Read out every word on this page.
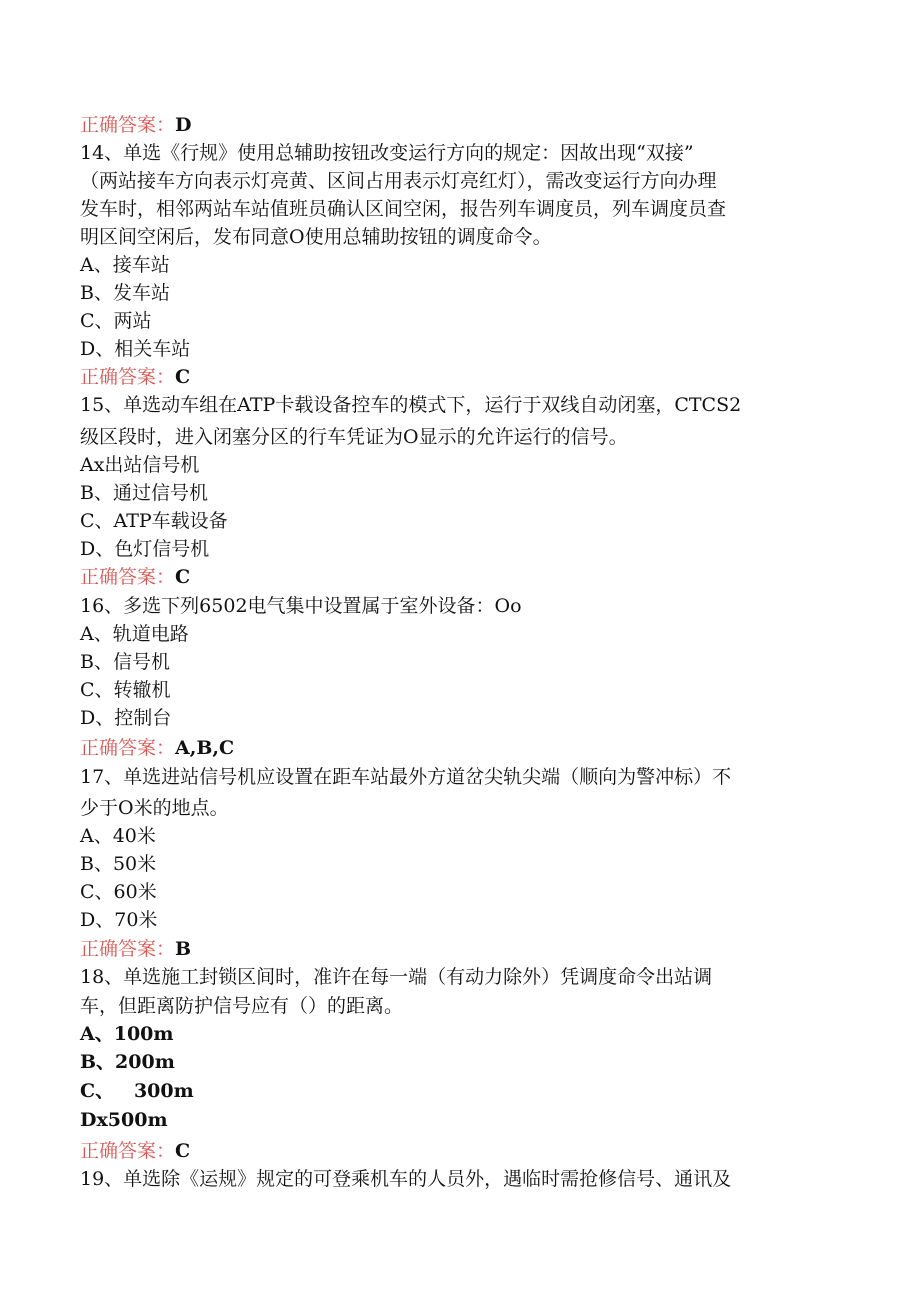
正确答案：D
14、单选《行规》使用总辅助按钮改变运行方向的规定：因故出现“双接”
（两站接车方向表示灯亮黄、区间占用表示灯亮红灯），需改变运行方向办理
发车时，相邻两站车站值班员确认区间空闲，报告列车调度员，列车调度员查
明区间空闲后，发布同意O使用总辅助按钮的调度命令。
A、接车站
B、发车站
C、两站
D、相关车站
正确答案：C
15、单选动车组在ATP卡载设备控车的模式下，运行于双线自动闭塞，CTCS2
级区段时，进入闭塞分区的行车凭证为O显示的允许运行的信号。
Ax出站信号机
B、通过信号机
C、ATP车载设备
D、色灯信号机
正确答案：C
16、多选下列6502电气集中设置属于室外设备：Oo
A、轨道电路
B、信号机
C、转辙机
D、控制台
正确答案：A,B,C
17、单选进站信号机应设置在距车站最外方道岔尖轨尖端（顺向为警冲标）不
少于O米的地点。
A、40米
B、50米
C、60米
D、70米
正确答案：B
18、单选施工封锁区间时，准许在每一端（有动力除外）凭调度命令出站调
车，但距离防护信号应有（）的距离。
A、100m
B、200m
C、   300m
Dx500m
正确答案：C
19、单选除《运规》规定的可登乘机车的人员外，遇临时需抢修信号、通讯及
